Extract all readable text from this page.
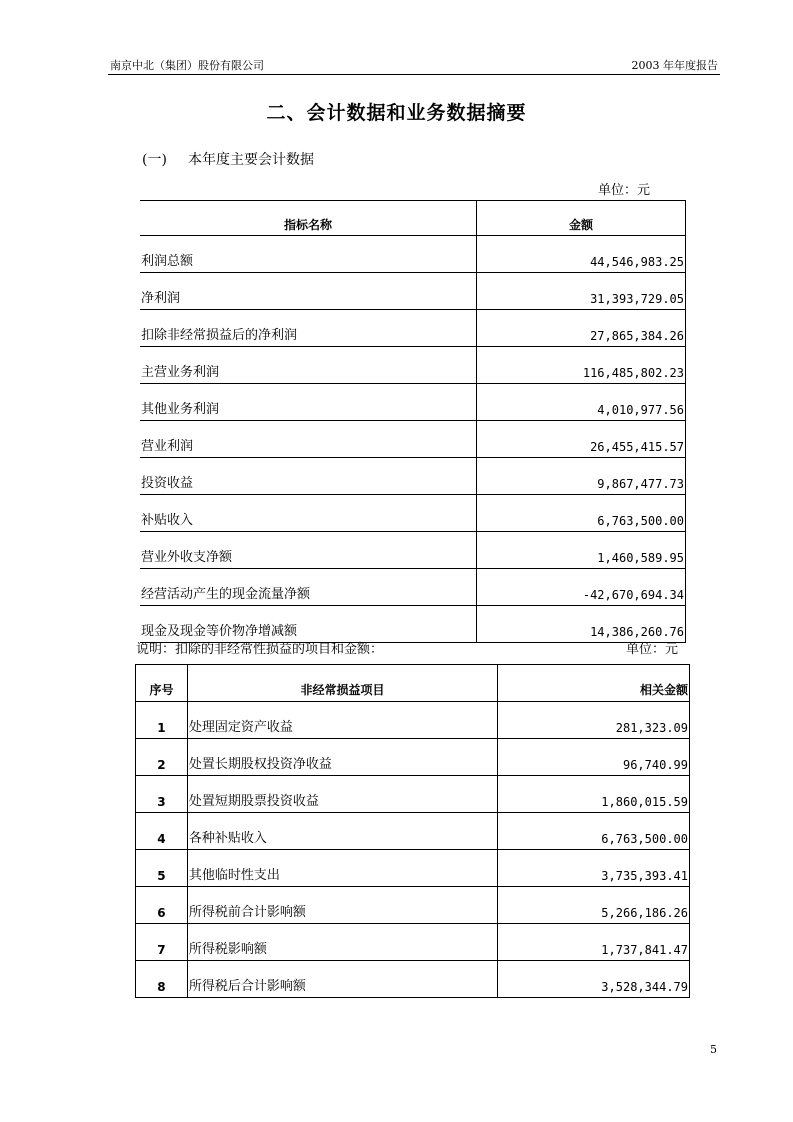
南京中北（集团）股份有限公司	2003 年年度报告
二、会计数据和业务数据摘要
(一) 本年度主要会计数据
单位：元
指标名称	金额
利润总额	44,546,983.25
净利润	31,393,729.05
扣除非经常损益后的净利润	27,865,384.26
主营业务利润	116,485,802.23
其他业务利润	4,010,977.56
营业利润	26,455,415.57
投资收益	9,867,477.73
补贴收入	6,763,500.00
营业外收支净额	1,460,589.95
经营活动产生的现金流量净额	-42,670,694.34
现金及现金等价物净增减额	14,386,260.76
说明：扣除的非经常性损益的项目和金额：	单位：元
序号	非经常损益项目	相关金额
1	处理固定资产收益	281,323.09
2	处置长期股权投资净收益	96,740.99
3	处置短期股票投资收益	1,860,015.59
4	各种补贴收入	6,763,500.00
5	其他临时性支出	3,735,393.41
6	所得税前合计影响额	5,266,186.26
7	所得税影响额	1,737,841.47
8	所得税后合计影响额	3,528,344.79
5
